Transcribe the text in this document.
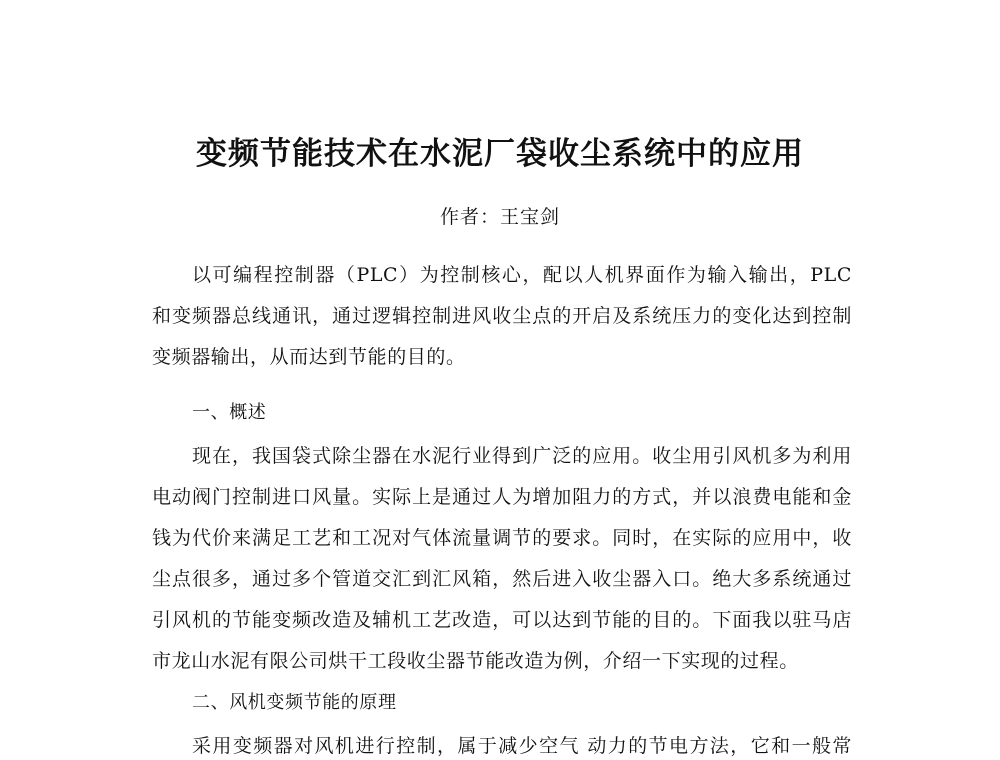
变频节能技术在水泥厂袋收尘系统中的应用

作者：王宝剑

以可编程控制器（PLC）为控制核心，配以人机界面作为输入输出，PLC

和变频器总线通讯，通过逻辑控制进风收尘点的开启及系统压力的变化达到控制

变频器输出，从而达到节能的目的。

一、概述

现在，我国袋式除尘器在水泥行业得到广泛的应用。收尘用引风机多为利用

电动阀门控制进口风量。实际上是通过人为增加阻力的方式，并以浪费电能和金

钱为代价来满足工艺和工况对气体流量调节的要求。同时，在实际的应用中，收

尘点很多，通过多个管道交汇到汇风箱，然后进入收尘器入口。绝大多系统通过

引风机的节能变频改造及辅机工艺改造，可以达到节能的目的。下面我以驻马店

市龙山水泥有限公司烘干工段收尘器节能改造为例，介绍一下实现的过程。

二、风机变频节能的原理

采用变频器对风机进行控制，属于减少空气 动力的节电方法，它和一般常
